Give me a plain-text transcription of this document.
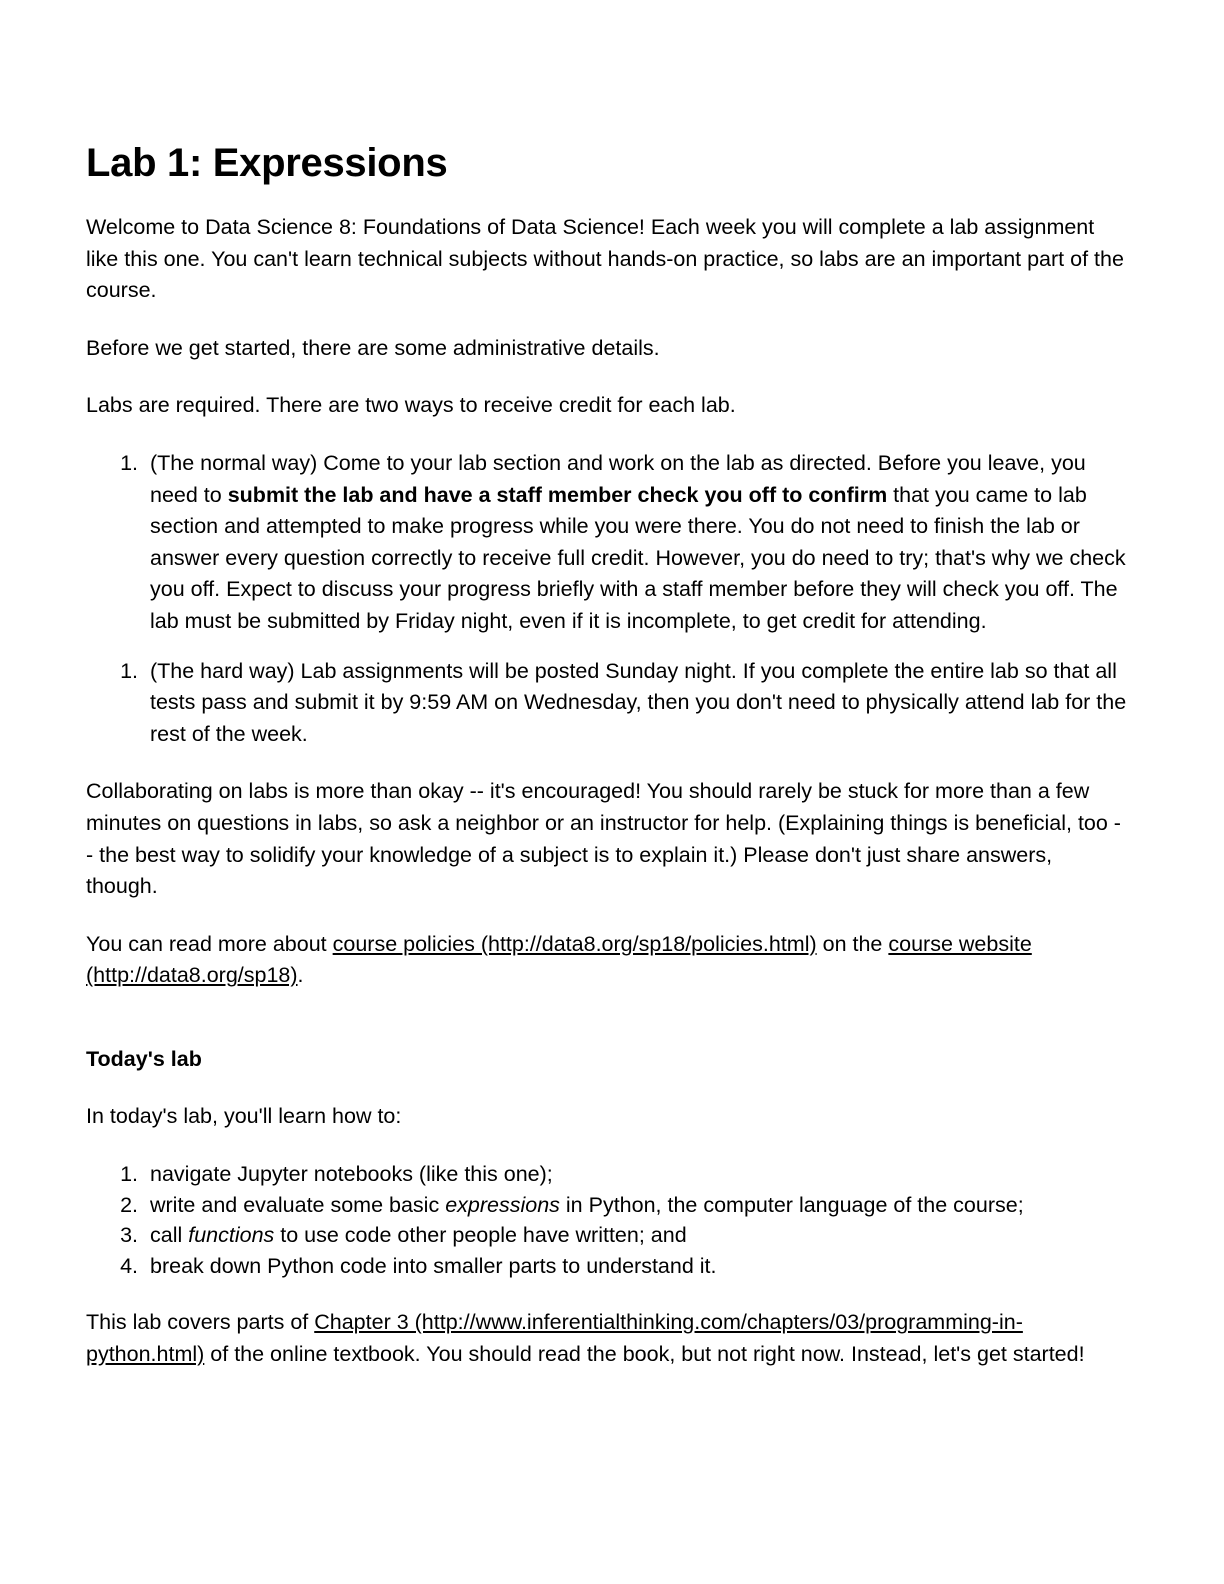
Lab 1: Expressions

Welcome to Data Science 8: Foundations of Data Science! Each week you will complete a lab assignment like this one. You can't learn technical subjects without hands-on practice, so labs are an important part of the course.

Before we get started, there are some administrative details.

Labs are required. There are two ways to receive credit for each lab.

1. (The normal way) Come to your lab section and work on the lab as directed. Before you leave, you need to submit the lab and have a staff member check you off to confirm that you came to lab section and attempted to make progress while you were there. You do not need to finish the lab or answer every question correctly to receive full credit. However, you do need to try; that's why we check you off. Expect to discuss your progress briefly with a staff member before they will check you off. The lab must be submitted by Friday night, even if it is incomplete, to get credit for attending.
1. (The hard way) Lab assignments will be posted Sunday night. If you complete the entire lab so that all tests pass and submit it by 9:59 AM on Wednesday, then you don't need to physically attend lab for the rest of the week.

Collaborating on labs is more than okay -- it's encouraged! You should rarely be stuck for more than a few minutes on questions in labs, so ask a neighbor or an instructor for help. (Explaining things is beneficial, too -- the best way to solidify your knowledge of a subject is to explain it.) Please don't just share answers, though.

You can read more about course policies (http://data8.org/sp18/policies.html) on the course website (http://data8.org/sp18).

Today's lab

In today's lab, you'll learn how to:

1. navigate Jupyter notebooks (like this one);
2. write and evaluate some basic expressions in Python, the computer language of the course;
3. call functions to use code other people have written; and
4. break down Python code into smaller parts to understand it.

This lab covers parts of Chapter 3 (http://www.inferentialthinking.com/chapters/03/programming-in-python.html) of the online textbook. You should read the book, but not right now. Instead, let's get started!
